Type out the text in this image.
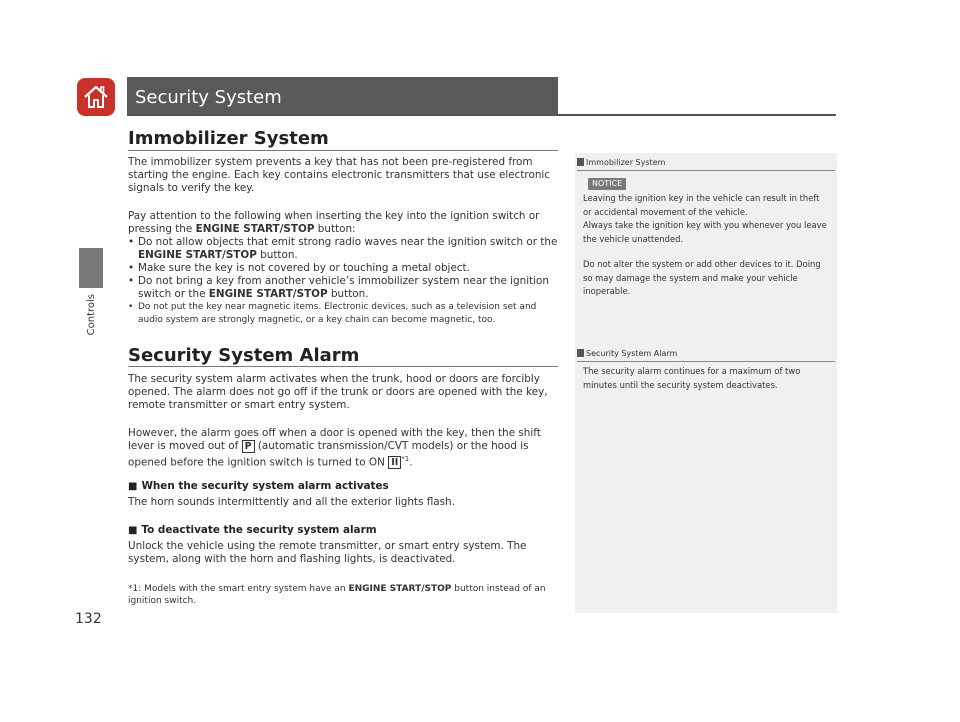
Security System
Controls
132
Immobilizer System
The immobilizer system prevents a key that has not been pre-registered from starting the engine. Each key contains electronic transmitters that use electronic signals to verify the key.
Pay attention to the following when inserting the key into the ignition switch or pressing the ENGINE START/STOP button:
• Do not allow objects that emit strong radio waves near the ignition switch or the ENGINE START/STOP button.
• Make sure the key is not covered by or touching a metal object.
• Do not bring a key from another vehicle’s immobilizer system near the ignition switch or the ENGINE START/STOP button.
• Do not put the key near magnetic items. Electronic devices, such as a television set and audio system are strongly magnetic, or a key chain can become magnetic, too.
Security System Alarm
The security system alarm activates when the trunk, hood or doors are forcibly opened. The alarm does not go off if the trunk or doors are opened with the key, remote transmitter or smart entry system.
However, the alarm goes off when a door is opened with the key, then the shift lever is moved out of P (automatic transmission/CVT models) or the hood is opened before the ignition switch is turned to ON II $^{*1}$.
■ When the security system alarm activates
The horn sounds intermittently and all the exterior lights flash.
■ To deactivate the security system alarm
Unlock the vehicle using the remote transmitter, or smart entry system. The system, along with the horn and flashing lights, is deactivated.
*1: Models with the smart entry system have an ENGINE START/STOP button instead of an ignition switch.
Immobilizer System
NOTICE
Leaving the ignition key in the vehicle can result in theft or accidental movement of the vehicle.
Always take the ignition key with you whenever you leave the vehicle unattended.
Do not alter the system or add other devices to it. Doing so may damage the system and make your vehicle inoperable.
Security System Alarm
The security alarm continues for a maximum of two minutes until the security system deactivates.
